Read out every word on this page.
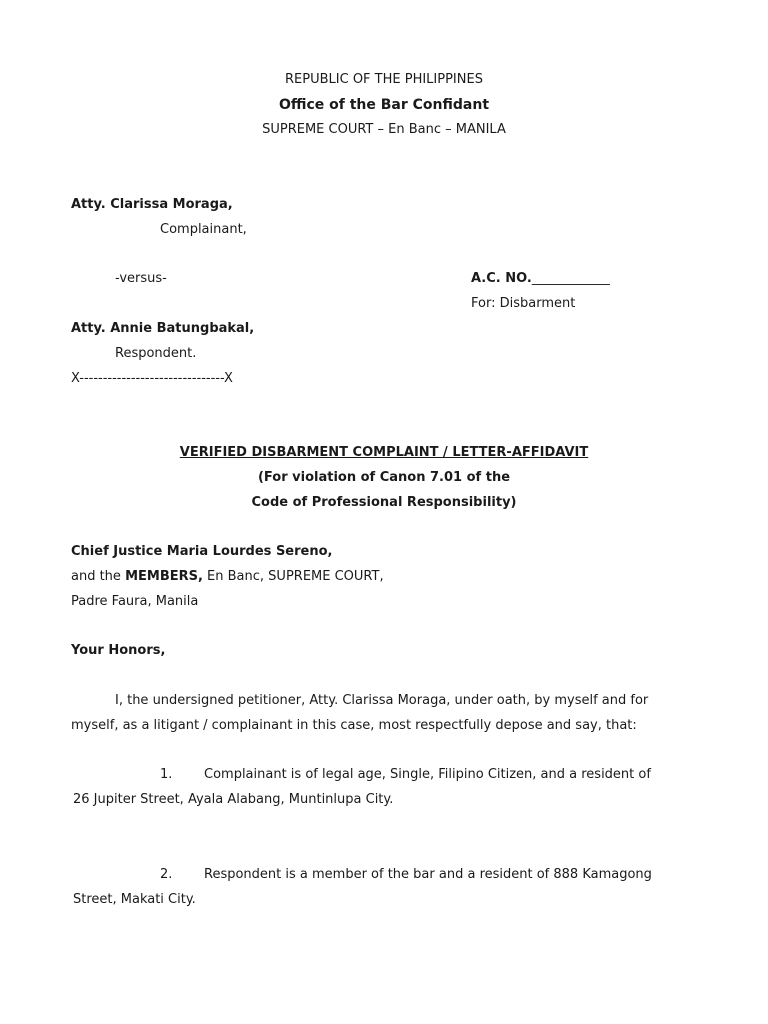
REPUBLIC OF THE PHILIPPINES
Office of the Bar Confidant
SUPREME COURT – En Banc – MANILA
Atty. Clarissa Moraga,
Complainant,
-versus-	A.C. NO.____________
For: Disbarment
Atty. Annie Batungbakal,
Respondent.
X-------------------------------X
VERIFIED DISBARMENT COMPLAINT / LETTER-AFFIDAVIT
(For violation of Canon 7.01 of the
Code of Professional Responsibility)
Chief Justice Maria Lourdes Sereno,
and the MEMBERS, En Banc, SUPREME COURT,
Padre Faura, Manila
Your Honors,
I, the undersigned petitioner, Atty. Clarissa Moraga, under oath, by myself and for
myself, as a litigant / complainant in this case, most respectfully depose and say, that:
1. Complainant is of legal age, Single, Filipino Citizen, and a resident of
26 Jupiter Street, Ayala Alabang, Muntinlupa City.
2. Respondent is a member of the bar and a resident of 888 Kamagong
Street, Makati City.
